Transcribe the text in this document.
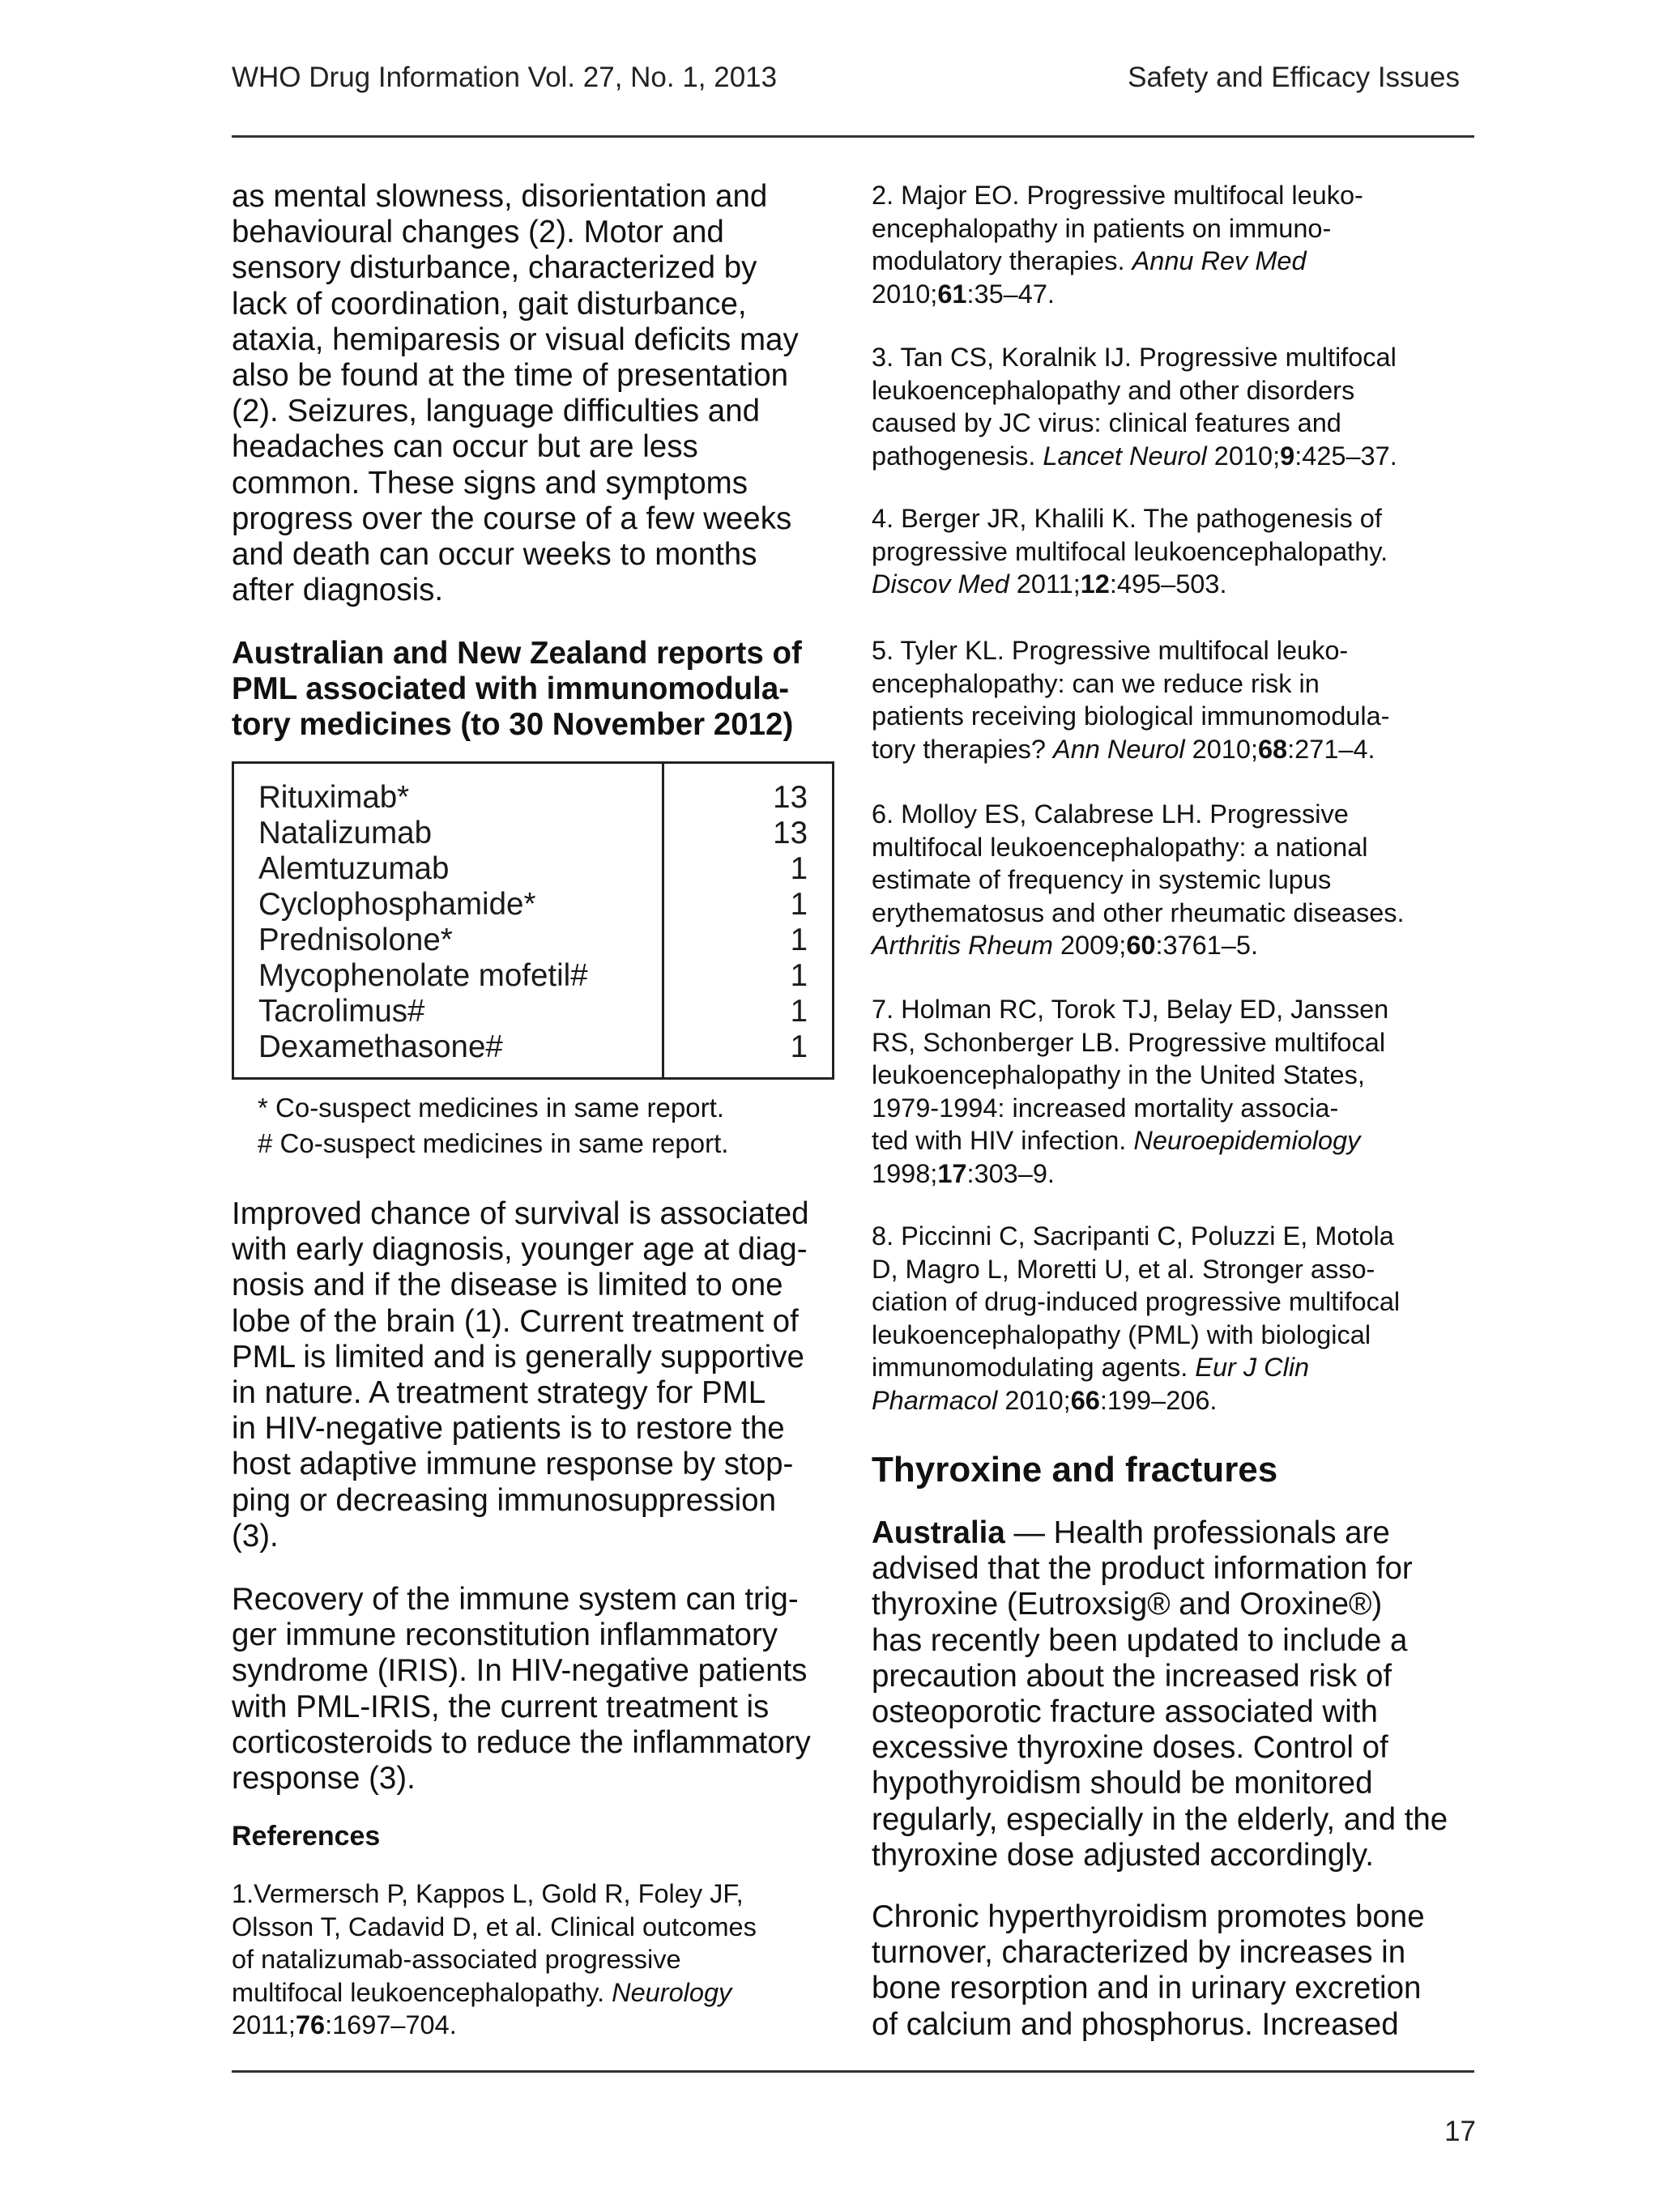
WHO Drug Information Vol. 27, No. 1, 2013	Safety and Efficacy Issues

as mental slowness, disorientation and

behavioural changes (2). Motor and

sensory disturbance, characterized by

lack of coordination, gait disturbance,

ataxia, hemiparesis or visual deficits may

also be found at the time of presentation

(2). Seizures, language difficulties and

headaches can occur but are less

common. These signs and symptoms

progress over the course of a few weeks

and death can occur weeks to months

after diagnosis.

Australian and New Zealand reports of

PML associated with immunomodula-

tory medicines (to 30 November 2012)

Rituximab*	13
Natalizumab	13
Alemtuzumab	1
Cyclophosphamide*	1
Prednisolone*	1
Mycophenolate mofetil#	1
Tacrolimus#	1
Dexamethasone#	1
* Co-suspect medicines in same report.
# Co-suspect medicines in same report.

Improved chance of survival is associated

with early diagnosis, younger age at diag-

nosis and if the disease is limited to one

lobe of the brain (1). Current treatment of

PML is limited and is generally supportive

in nature. A treatment strategy for PML

in HIV-negative patients is to restore the

host adaptive immune response by stop-

ping or decreasing immunosuppression

(3).

Recovery of the immune system can trig-

ger immune reconstitution inflammatory

syndrome (IRIS). In HIV-negative patients

with PML-IRIS, the current treatment is

corticosteroids to reduce the inflammatory

response (3).

References

1.Vermersch P, Kappos L, Gold R, Foley JF,

Olsson T, Cadavid D, et al. Clinical outcomes

of natalizumab-associated progressive

multifocal leukoencephalopathy. Neurology

2011;76:1697–704.

2. Major EO. Progressive multifocal leuko-

encephalopathy in patients on immuno-

modulatory therapies. Annu Rev Med

2010;61:35–47.

3. Tan CS, Koralnik IJ. Progressive multifocal

leukoencephalopathy and other disorders

caused by JC virus: clinical features and

pathogenesis. Lancet Neurol 2010;9:425–37.

4. Berger JR, Khalili K. The pathogenesis of

progressive multifocal leukoencephalopathy.

Discov Med 2011;12:495–503.

5. Tyler KL. Progressive multifocal leuko-

encephalopathy: can we reduce risk in

patients receiving biological immunomodula-

tory therapies? Ann Neurol 2010;68:271–4.

6. Molloy ES, Calabrese LH. Progressive

multifocal leukoencephalopathy: a national

estimate of frequency in systemic lupus

erythematosus and other rheumatic diseases.

Arthritis Rheum 2009;60:3761–5.

7. Holman RC, Torok TJ, Belay ED, Janssen

RS, Schonberger LB. Progressive multifocal

leukoencephalopathy in the United States,

1979-1994: increased mortality associa-

ted with HIV infection. Neuroepidemiology

1998;17:303–9.

8. Piccinni C, Sacripanti C, Poluzzi E, Motola

D, Magro L, Moretti U, et al. Stronger asso-

ciation of drug-induced progressive multifocal

leukoencephalopathy (PML) with biological

immunomodulating agents. Eur J Clin

Pharmacol 2010;66:199–206.

Thyroxine and fractures

Australia — Health professionals are

advised that the product information for

thyroxine (Eutroxsig® and Oroxine®)

has recently been updated to include a

precaution about the increased risk of

osteoporotic fracture associated with

excessive thyroxine doses. Control of

hypothyroidism should be monitored

regularly, especially in the elderly, and the

thyroxine dose adjusted accordingly.

Chronic hyperthyroidism promotes bone

turnover, characterized by increases in

bone resorption and in urinary excretion

of calcium and phosphorus. Increased

17
